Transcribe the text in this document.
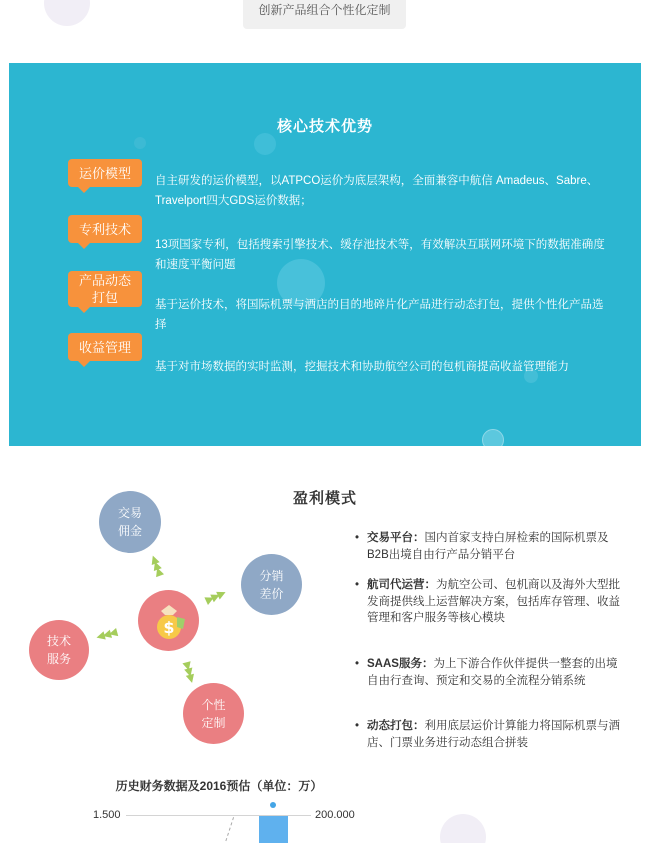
创新产品组合个性化定制
核心技术优势
运价模型
自主研发的运价模型，以ATPCO运价为底层架构，全面兼容中航信 Amadeus、Sabre、Travelport四大GDS运价数据；
专利技术
13项国家专利，包括搜索引擎技术、缓存池技术等，有效解决互联网环境下的数据准确度和速度平衡问题
产品动态打包	基于运价技术，将国际机票与酒店的目的地碎片化产品进行动态打包，提供个性化产品选择
收益管理
基于对市场数据的实时监测，挖掘技术和协助航空公司的包机商提高收益管理能力
盈利模式
交易佣金
分销差价
技术服务
个性定制
$
◀◀◀
▶▶▶
◀◀◀
▶▶▶
• 交易平台：国内首家支持白屏检索的国际机票及B2B出境自由行产品分销平台
• 航司代运营：为航空公司、包机商以及海外大型批发商提供线上运营解决方案，包括库存管理、收益管理和客户服务等核心模块
• SAAS服务：为上下游合作伙伴提供一整套的出境自由行查询、预定和交易的全流程分销系统
• 动态打包：利用底层运价计算能力将国际机票与酒店、门票业务进行动态组合拼装
历史财务数据及2016预估（单位：万）
1.500	200.000
